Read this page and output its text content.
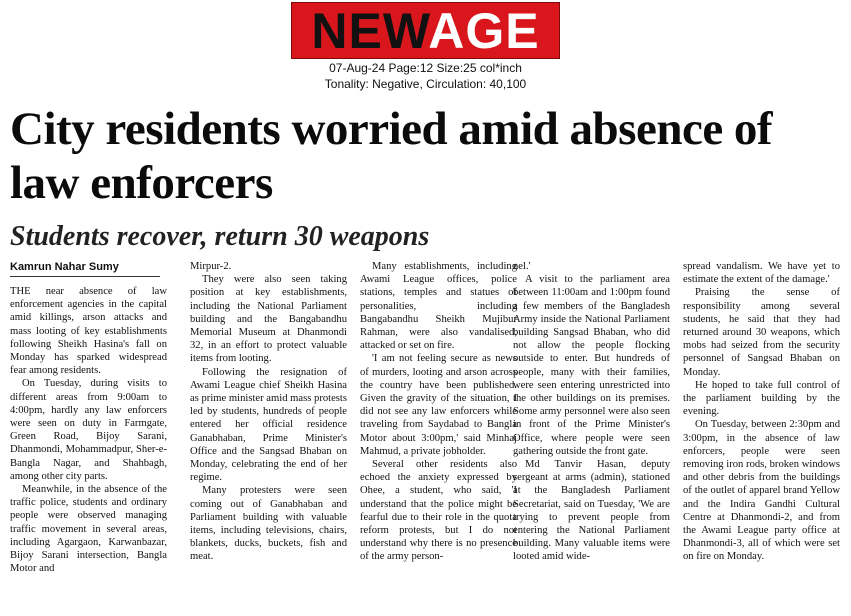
NEWAGE
07-Aug-24 Page:12 Size:25 col*inch
Tonality: Negative, Circulation: 40,100
City residents worried amid absence of law enforcers
Students recover, return 30 weapons
Kamrun Nahar Sumy

THE near absence of law enforcement agencies in the capital amid killings, arson attacks and mass looting of key establishments following Sheikh Hasina's fall on Monday has sparked widespread fear among residents.

On Tuesday, during visits to different areas from 9:00am to 4:00pm, hardly any law enforcers were seen on duty in Farmgate, Green Road, Bijoy Sarani, Dhanmondi, Mohammadpur, Sher-e-Bangla Nagar, and Shahbagh, among other city parts.

Meanwhile, in the absence of the traffic police, students and ordinary people were observed managing traffic movement in several areas, including Agargaon, Karwanbazar, Bijoy Sarani intersection, Bangla Motor and

Mirpur-2.

They were also seen taking position at key establishments, including the National Parliament building and the Bangabandhu Memorial Museum at Dhanmondi 32, in an effort to protect valuable items from looting.

Following the resignation of Awami League chief Sheikh Hasina as prime minister amid mass protests led by students, hundreds of people entered her official residence Ganabhaban, Prime Minister's Office and the Sangsad Bhaban on Monday, celebrating the end of her regime.

Many protesters were seen coming out of Ganabhaban and Parliament building with valuable items, including televisions, chairs, blankets, ducks, buckets, fish and meat.

Many establishments, including Awami League offices, police stations, temples and statues of personalities, including Bangabandhu Sheikh Mujibur Rahman, were also vandalised, attacked or set on fire.

'I am not feeling secure as news of murders, looting and arson across the country have been published. Given the gravity of the situation, I did not see any law enforcers while traveling from Saydabad to Bangla Motor about 3:00pm,' said Minhaj Mahmud, a private jobholder.

Several other residents also echoed the anxiety expressed by Ohee, a student, who said, 'I understand that the police might be fearful due to their role in the quota reform protests, but I do not understand why there is no presence of the army person-

nel.'

A visit to the parliament area between 11:00am and 1:00pm found a few members of the Bangladesh Army inside the National Parliament building Sangsad Bhaban, who did not allow the people flocking outside to enter. But hundreds of people, many with their families, were seen entering unrestricted into the other buildings on its premises. Some army personnel were also seen in front of the Prime Minister's Office, where people were seen gathering outside the front gate.

Md Tanvir Hasan, deputy sergeant at arms (admin), stationed at the Bangladesh Parliament Secretariat, said on Tuesday, 'We are trying to prevent people from entering the National Parliament building. Many valuable items were looted amid wide-

spread vandalism. We have yet to estimate the extent of the damage.'

Praising the sense of responsibility among several students, he said that they had returned around 30 weapons, which mobs had seized from the security personnel of Sangsad Bhaban on Monday.

He hoped to take full control of the parliament building by the evening.

On Tuesday, between 2:30pm and 3:00pm, in the absence of law enforcers, people were seen removing iron rods, broken windows and other debris from the buildings of the outlet of apparel brand Yellow and the Indira Gandhi Cultural Centre at Dhanmondi-2, and from the Awami League party office at Dhanmondi-3, all of which were set on fire on Monday.
